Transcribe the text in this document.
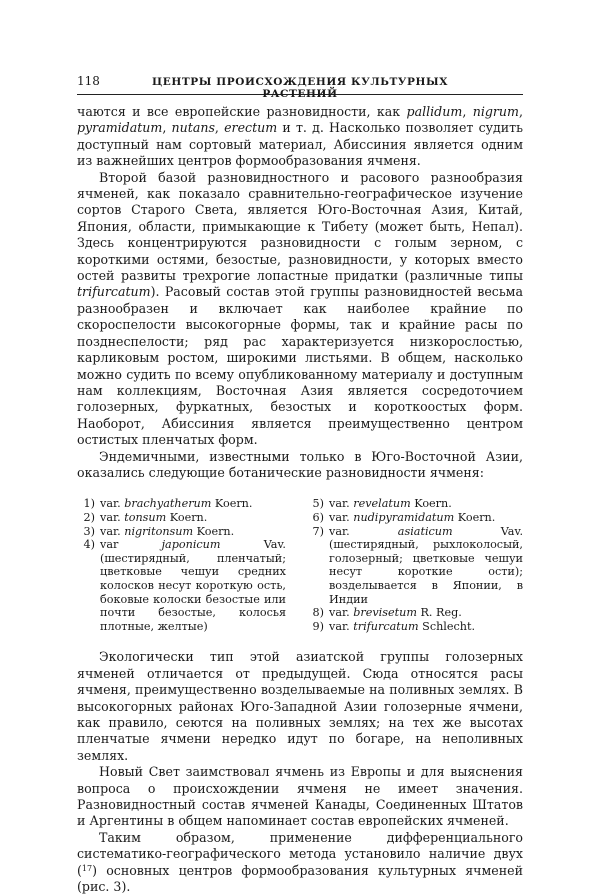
118	ЦЕНТРЫ ПРОИСХОЖДЕНИЯ КУЛЬТУРНЫХ РАСТЕНИЙ

чаются и все европейские разновидности, как pallidum, nigrum, pyramidatum, nutans, erectum и т. д. Насколько позволяет судить доступный нам сортовый материал, Абиссиния является одним из важнейших центров формообразования ячменя.

Второй базой разновидностного и расового разнообразия ячменей, как показало сравнительно-географическое изучение сортов Старого Света, является Юго-Восточная Азия, Китай, Япония, области, примыкающие к Тибету (может быть, Непал). Здесь концентрируются разновидности с голым зерном, с короткими остями, безостые, разновидности, у которых вместо остей развиты трехрогие лопастные придатки (различные типы trifurcatum). Расовый состав этой группы разновидностей весьма разнообразен и включает как наиболее крайние по скороспелости высокогорные формы, так и крайние расы по позднеспелости; ряд рас характеризуется низкорослостью, карликовым ростом, широкими листьями. В общем, насколько можно судить по всему опубликованному материалу и доступным нам коллекциям, Восточная Азия является сосредоточием голозерных, фуркатных, безостых и короткоостых форм. Наоборот, Абиссиния является преимущественно центром остистых пленчатых форм.

Эндемичными, известными только в Юго-Восточной Азии, оказались следующие ботанические разновидности ячменя:

1) var. brachyatherum Koern.
2) var. tonsum Koern.
3) var. nigritonsum Koern.
4) var japonicum Vav. (шестирядный, пленчатый; цветковые чешуи средних колосков несут короткую ость, боковые колоски безостые или почти безостые, колосья плотные, желтые)
5) var. revelatum Koern.
6) var. nudipyramidatum Koern.
7) var. asiaticum Vav. (шестирядный, рыхлоколосый, голозерный; цветковые чешуи несут короткие ости); возделывается в Японии, в Индии
8) var. brevisetum R. Reg.
9) var. trifurcatum Schlecht.

Экологически тип этой азиатской группы голозерных ячменей отличается от предыдущей. Сюда относятся расы ячменя, преимущественно возделываемые на поливных землях. В высокогорных районах Юго-Западной Азии голозерные ячмени, как правило, сеются на поливных землях; на тех же высотах пленчатые ячмени нередко идут по богаре, на неполивных землях.

Новый Свет заимствовал ячмень из Европы и для выяснения вопроса о происхождении ячменя не имеет значения. Разновидностный состав ячменей Канады, Соединенных Штатов и Аргентины в общем напоминает состав европейских ячменей.

Таким образом, применение дифференциального систематико-географического метода установило наличие двух ($^{17}$) основных центров формообразования культурных ячменей (рис. 3).
